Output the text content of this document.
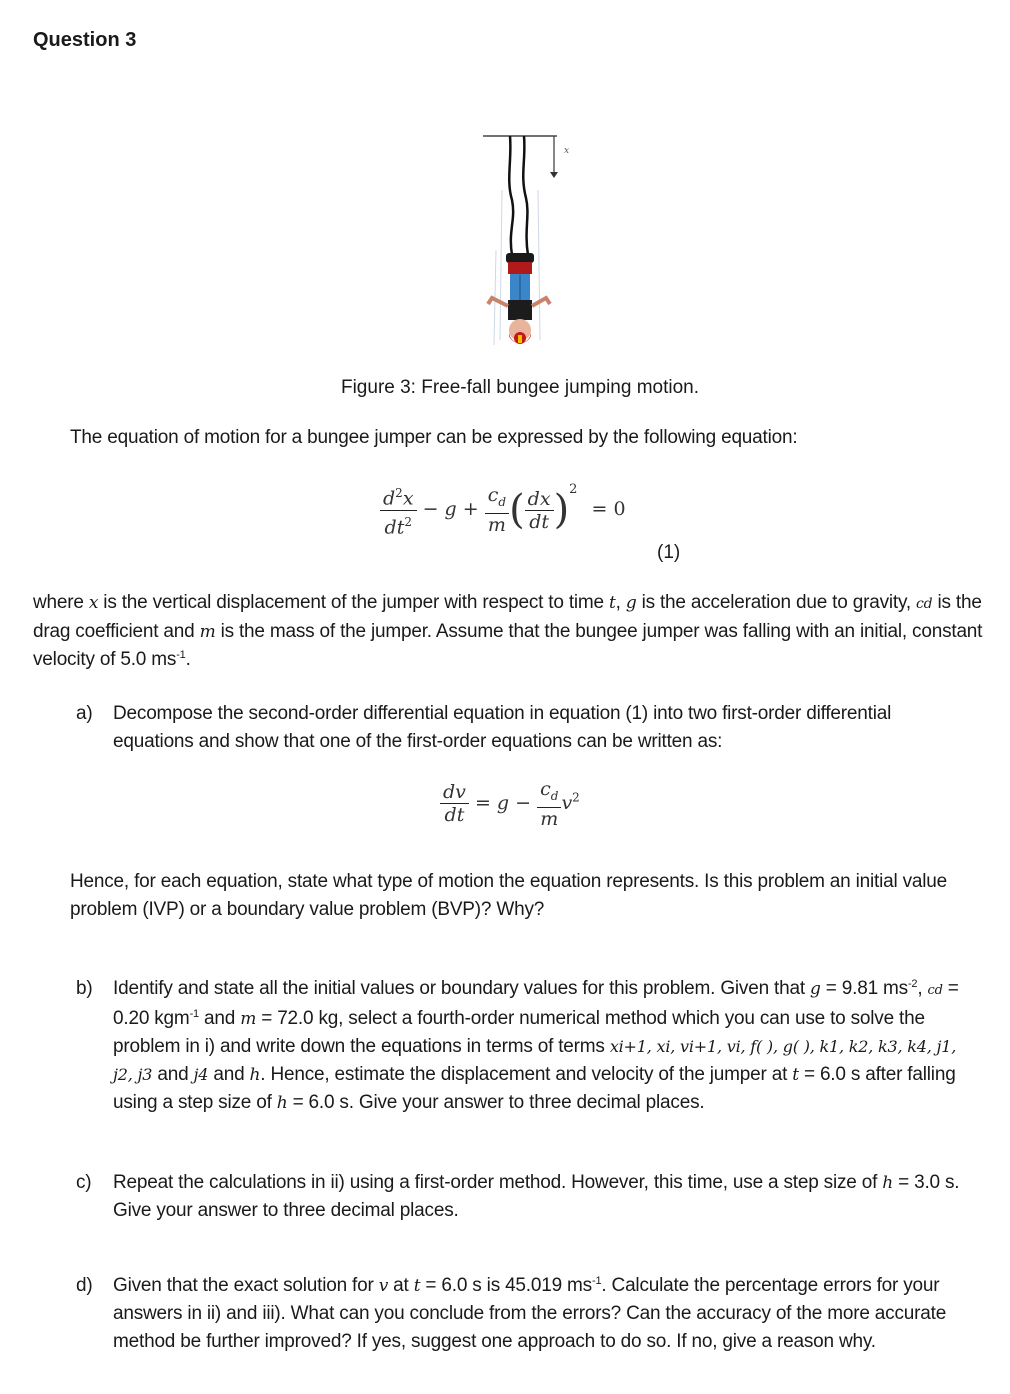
Question 3
x
Figure 3: Free-fall bungee jumping motion.
The equation of motion for a bungee jumper can be expressed by the following equation:
$\frac{d^2x}{dt^2} - g + \frac{c_d}{m}$ ( $\frac{dx}{dt} )^2 = 0$
(1)
where x is the vertical displacement of the jumper with respect to time t, g is the acceleration due to gravity, cd is the drag coefficient and m is the mass of the jumper. Assume that the bungee jumper was falling with an initial, constant velocity of 5.0 $ms^{-1}$.
a) Decompose the second-order differential equation in equation (1) into two first-order differential equations and show that one of the first-order equations can be written as:
$\frac{dv}{dt} = g - \frac{c_d}{m} v^2$
Hence, for each equation, state what type of motion the equation represents. Is this problem an initial value problem (IVP) or a boundary value problem (BVP)? Why?
b) Identify and state all the initial values or boundary values for this problem. Given that g = 9.81 $ms^{-2}$, cd = 0.20 kgm$^{-1}$ and m = 72.0 kg, select a fourth-order numerical method which you can use to solve the problem in i) and write down the equations in terms of terms xi+1, xi, vi+1, vi, f( ), g( ), k1, k2, k3, k4, j1, j2, j3 and j4 and h. Hence, estimate the displacement and velocity of the jumper at t = 6.0 s after falling using a step size of h = 6.0 s. Give your answer to three decimal places.
c) Repeat the calculations in ii) using a first-order method. However, this time, use a step size of h = 3.0 s. Give your answer to three decimal places.
d) Given that the exact solution for v at t = 6.0 s is 45.019 $ms^{-1}$. Calculate the percentage errors for your answers in ii) and iii). What can you conclude from the errors? Can the accuracy of the more accurate method be further improved? If yes, suggest one approach to do so. If no, give a reason why.
